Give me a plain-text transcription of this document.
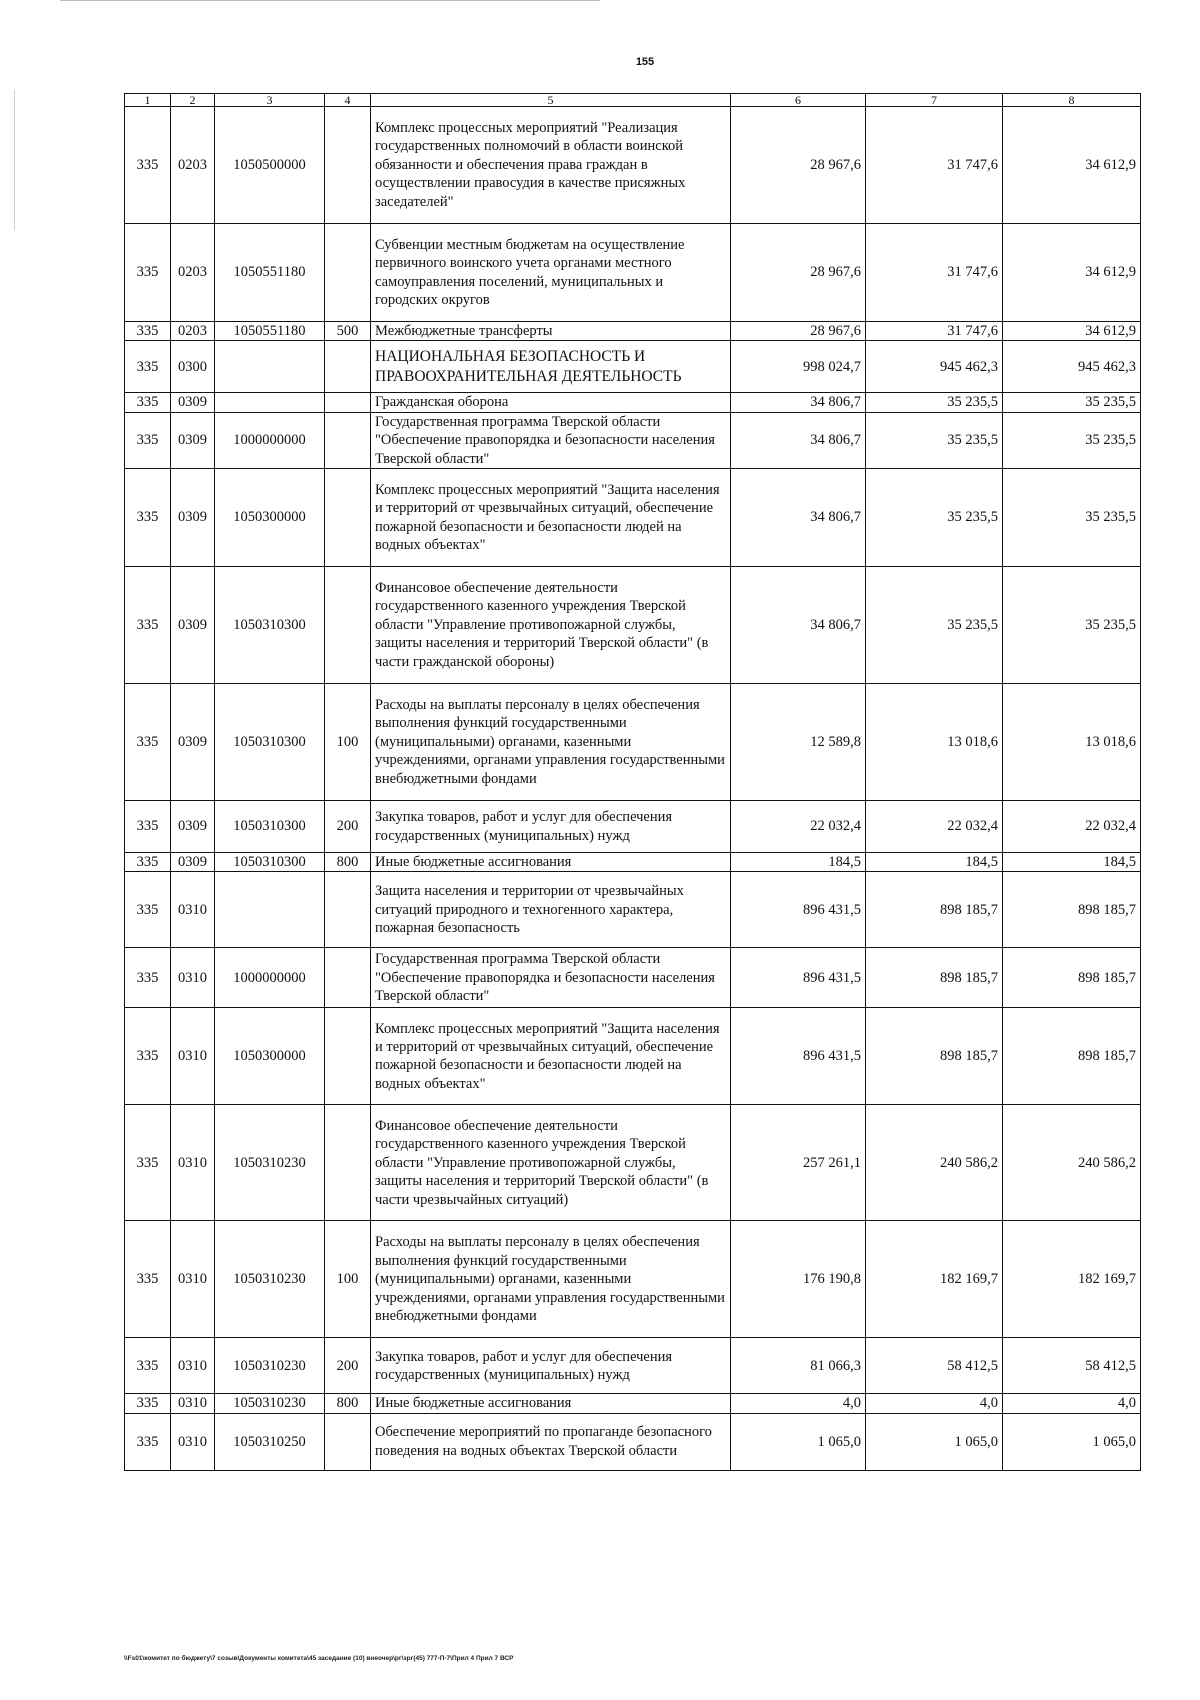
155
1	2	3	4	5	6	7	8
335	0203	1050500000		Комплекс процессных мероприятий "Реализация государственных полномочий в области воинской обязанности и обеспечения права граждан в осуществлении правосудия в качестве присяжных заседателей"	28 967,6	31 747,6	34 612,9
335	0203	1050551180		Субвенции местным бюджетам на осуществление первичного воинского учета органами местного самоуправления поселений, муниципальных и городских округов	28 967,6	31 747,6	34 612,9
335	0203	1050551180	500	Межбюджетные трансферты	28 967,6	31 747,6	34 612,9
335	0300			НАЦИОНАЛЬНАЯ БЕЗОПАСНОСТЬ И ПРАВООХРАНИТЕЛЬНАЯ ДЕЯТЕЛЬНОСТЬ	998 024,7	945 462,3	945 462,3
335	0309			Гражданская оборона	34 806,7	35 235,5	35 235,5
335	0309	1000000000		Государственная программа Тверской области "Обеспечение правопорядка и безопасности населения Тверской области"	34 806,7	35 235,5	35 235,5
335	0309	1050300000		Комплекс процессных мероприятий "Защита населения и территорий от чрезвычайных ситуаций, обеспечение пожарной безопасности и безопасности людей на водных объектах"	34 806,7	35 235,5	35 235,5
335	0309	1050310300		Финансовое обеспечение деятельности государственного казенного учреждения Тверской области "Управление противопожарной службы, защиты населения и территорий Тверской области" (в части гражданской обороны)	34 806,7	35 235,5	35 235,5
335	0309	1050310300	100	Расходы на выплаты персоналу в целях обеспечения выполнения функций государственными (муниципальными) органами, казенными учреждениями, органами управления государственными внебюджетными фондами	12 589,8	13 018,6	13 018,6
335	0309	1050310300	200	Закупка товаров, работ и услуг для обеспечения государственных (муниципальных) нужд	22 032,4	22 032,4	22 032,4
335	0309	1050310300	800	Иные бюджетные ассигнования	184,5	184,5	184,5
335	0310			Защита населения и территории от чрезвычайных ситуаций природного и техногенного характера, пожарная безопасность	896 431,5	898 185,7	898 185,7
335	0310	1000000000		Государственная программа Тверской области "Обеспечение правопорядка и безопасности населения Тверской области"	896 431,5	898 185,7	898 185,7
335	0310	1050300000		Комплекс процессных мероприятий "Защита населения и территорий от чрезвычайных ситуаций, обеспечение пожарной безопасности и безопасности людей на водных объектах"	896 431,5	898 185,7	898 185,7
335	0310	1050310230		Финансовое обеспечение деятельности государственного казенного учреждения Тверской области "Управление противопожарной службы, защиты населения и территорий Тверской области" (в части чрезвычайных ситуаций)	257 261,1	240 586,2	240 586,2
335	0310	1050310230	100	Расходы на выплаты персоналу в целях обеспечения выполнения функций государственными (муниципальными) органами, казенными учреждениями, органами управления государственными внебюджетными фондами	176 190,8	182 169,7	182 169,7
335	0310	1050310230	200	Закупка товаров, работ и услуг для обеспечения государственных (муниципальных) нужд	81 066,3	58 412,5	58 412,5
335	0310	1050310230	800	Иные бюджетные ассигнования	4,0	4,0	4,0
335	0310	1050310250		Обеспечение мероприятий по пропаганде безопасного поведения на водных объектах Тверской области	1 065,0	1 065,0	1 065,0
\\Fs01\комитет по бюджету\7 созыв\Документы комитета\45 заседание (10) внеочер\рг\зрг(45) 777-П-7\Прил 4 Прил 7 ВСР
